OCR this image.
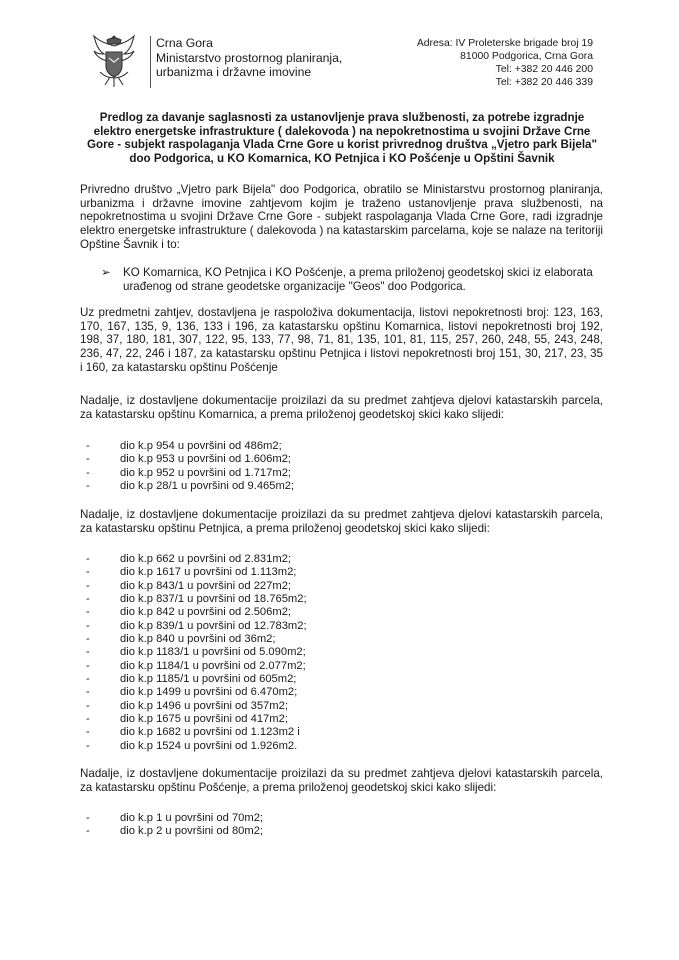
Crna Gora
Ministarstvo prostornog planiranja,
urbanizma i državne imovine
Adresa: IV Proleterske brigade broj 19
81000 Podgorica, Crna Gora
Tel: +382 20 446 200
Tel: +382 20 446 339
Predlog za davanje saglasnosti za ustanovljenje prava službenosti, za potrebe izgradnje elektro energetske infrastrukture ( dalekovoda ) na nepokretnostima u svojini Države Crne Gore - subjekt raspolaganja Vlada Crne Gore u korist privrednog društva „Vjetro park Bijela" doo Podgorica, u KO Komarnica, KO Petnjica i KO Pošćenje u Opštini Šavnik
Privredno društvo „Vjetro park Bijela" doo Podgorica, obratilo se Ministarstvu prostornog planiranja, urbanizma i državne imovine zahtjevom kojim je traženo ustanovljenje prava službenosti, na nepokretnostima u svojini Države Crne Gore - subjekt raspolaganja Vlada Crne Gore, radi izgradnje elektro energetske infrastrukture ( dalekovoda ) na katastarskim parcelama, koje se nalaze na teritoriji Opštine Šavnik i to:
➢ KO Komarnica, KO Petnjica i KO Pošćenje, a prema priloženoj geodetskoj skici iz elaborata urađenog od strane geodetske organizacije "Geos" doo Podgorica.
Uz predmetni zahtjev, dostavljena je raspoloživa dokumentacija, listovi nepokretnosti broj: 123, 163, 170, 167, 135, 9, 136, 133 i 196, za katastarsku opštinu Komarnica, listovi nepokretnosti broj 192, 198, 37, 180, 181, 307, 122, 95, 133, 77, 98, 71, 81, 135, 101, 81, 115, 257, 260, 248, 55, 243, 248, 236, 47, 22, 246 i 187, za katastarsku opštinu Petnjica i listovi nepokretnosti broj 151, 30, 217, 23, 35 i 160, za katastarsku opštinu Pošćenje
Nadalje, iz dostavljene dokumentacije proizilazi da su predmet zahtjeva djelovi katastarskih parcela, za katastarsku opštinu Komarnica, a prema priloženoj geodetskoj skici kako slijedi:
-	dio k.p 954 u površini od 486m2;
-	dio k.p 953 u površini od 1.606m2;
-	dio k.p 952 u površini od 1.717m2;
-	dio k.p 28/1 u površini od 9.465m2;
Nadalje, iz dostavljene dokumentacije proizilazi da su predmet zahtjeva djelovi katastarskih parcela, za katastarsku opštinu Petnjica, a prema priloženoj geodetskoj skici kako slijedi:
-	dio k.p 662 u površini od 2.831m2;
-	dio k.p 1617 u površini od 1.113m2;
-	dio k.p 843/1 u površini od 227m2;
-	dio k.p 837/1 u površini od 18.765m2;
-	dio k.p 842 u površini od 2.506m2;
-	dio k.p 839/1 u površini od 12.783m2;
-	dio k.p 840 u površini od 36m2;
-	dio k.p 1183/1 u površini od 5.090m2;
-	dio k.p 1184/1 u površini od 2.077m2;
-	dio k.p 1185/1 u površini od 605m2;
-	dio k.p 1499 u površini od 6.470m2;
-	dio k.p 1496 u površini od 357m2;
-	dio k.p 1675 u površini od 417m2;
-	dio k.p 1682 u površini od 1.123m2 i
-	dio k.p 1524 u površini od 1.926m2.
Nadalje, iz dostavljene dokumentacije proizilazi da su predmet zahtjeva djelovi katastarskih parcela, za katastarsku opštinu Pošćenje, a prema priloženoj geodetskoj skici kako slijedi:
-	dio k.p 1 u površini od 70m2;
-	dio k.p 2 u površini od 80m2;
